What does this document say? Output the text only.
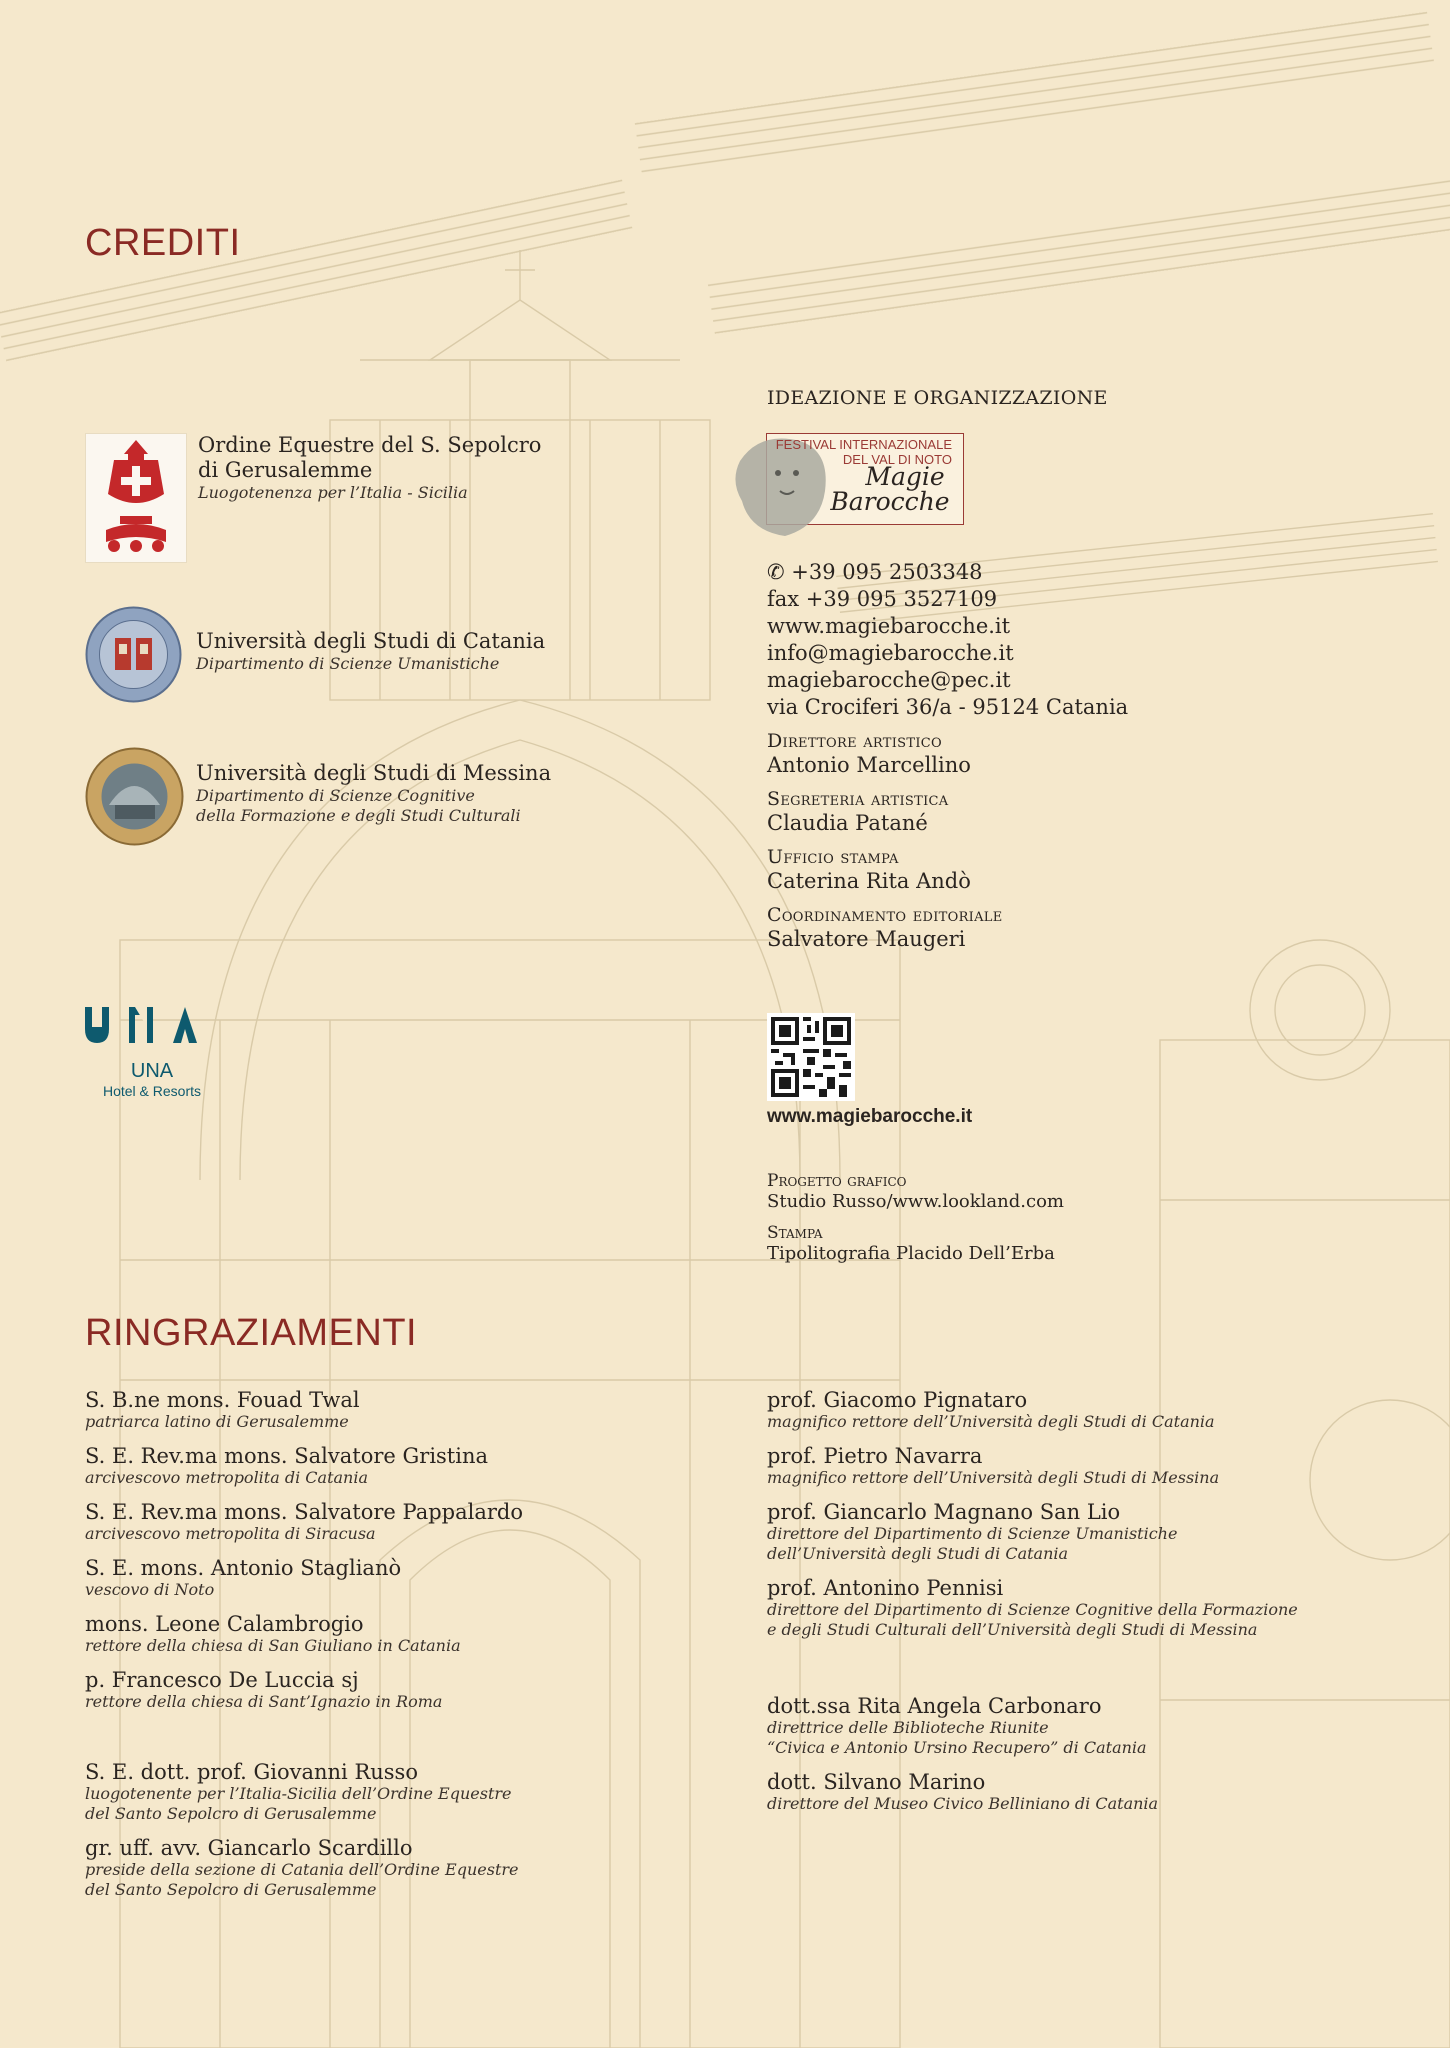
CREDITI
Ordine Equestre del S. Sepolcro
di Gerusalemme
Luogotenenza per l’Italia - Sicilia
Università degli Studi di Catania
Dipartimento di Scienze Umanistiche
Università degli Studi di Messina
Dipartimento di Scienze Cognitive
della Formazione e degli Studi Culturali
UNA
Hotel & Resorts
IDEAZIONE E ORGANIZZAZIONE
FESTIVAL INTERNAZIONALE
DEL VAL DI NOTO
Magie
Barocche
✆ +39 095 2503348
fax +39 095 3527109
www.magiebarocche.it
info@magiebarocche.it
magiebarocche@pec.it
via Crociferi 36/a - 95124 Catania
Direttore artistico
Antonio Marcellino
Segreteria artistica
Claudia Patané
Ufficio stampa
Caterina Rita Andò
Coordinamento editoriale
Salvatore Maugeri
www.magiebarocche.it
Progetto grafico
Studio Russo/www.lookland.com
Stampa
Tipolitografia Placido Dell’Erba
RINGRAZIAMENTI
S. B.ne mons. Fouad Twal
patriarca latino di Gerusalemme
S. E. Rev.ma mons. Salvatore Gristina
arcivescovo metropolita di Catania
S. E. Rev.ma mons. Salvatore Pappalardo
arcivescovo metropolita di Siracusa
S. E. mons. Antonio Staglianò
vescovo di Noto
mons. Leone Calambrogio
rettore della chiesa di San Giuliano in Catania
p. Francesco De Luccia sj
rettore della chiesa di Sant’Ignazio in Roma
S. E. dott. prof. Giovanni Russo
luogotenente per l’Italia-Sicilia dell’Ordine Equestre
del Santo Sepolcro di Gerusalemme
gr. uff. avv. Giancarlo Scardillo
preside della sezione di Catania dell’Ordine Equestre
del Santo Sepolcro di Gerusalemme
prof. Giacomo Pignataro
magnifico rettore dell’Università degli Studi di Catania
prof. Pietro Navarra
magnifico rettore dell’Università degli Studi di Messina
prof. Giancarlo Magnano San Lio
direttore del Dipartimento di Scienze Umanistiche
dell’Università degli Studi di Catania
prof. Antonino Pennisi
direttore del Dipartimento di Scienze Cognitive della Formazione
e degli Studi Culturali dell’Università degli Studi di Messina
dott.ssa Rita Angela Carbonaro
direttrice delle Biblioteche Riunite
“Civica e Antonio Ursino Recupero” di Catania
dott. Silvano Marino
direttore del Museo Civico Belliniano di Catania
